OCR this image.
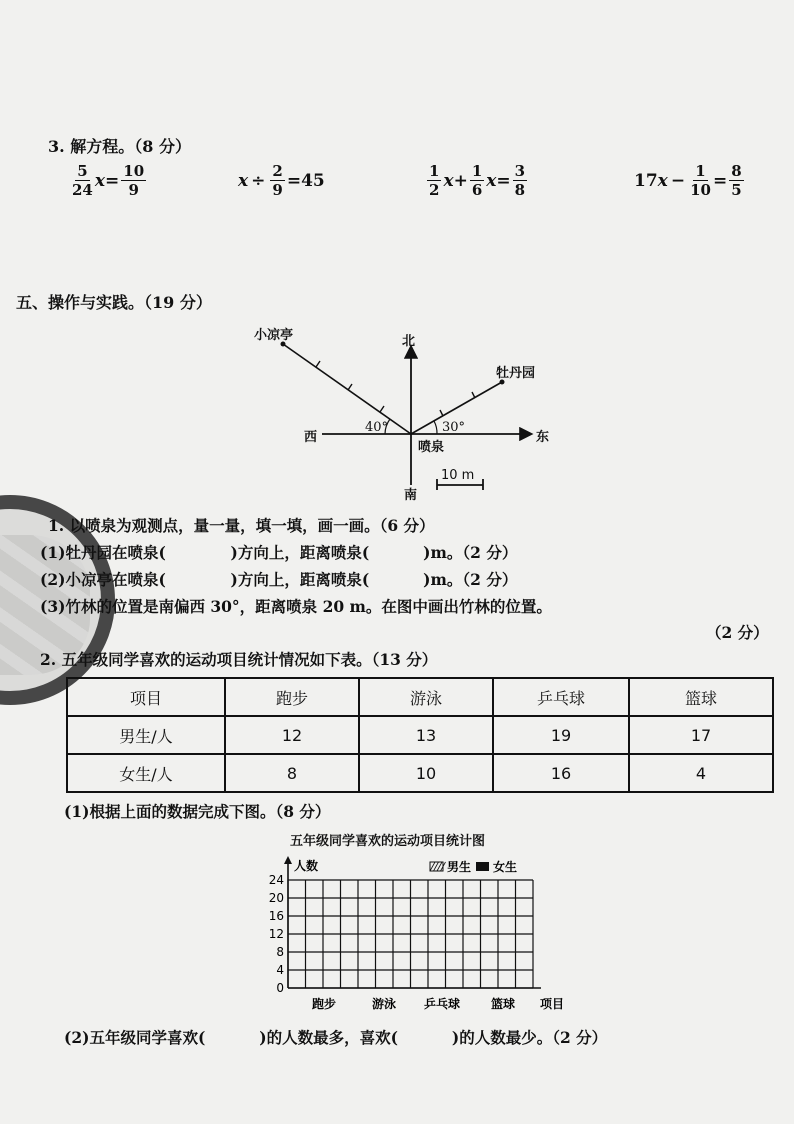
3. 解方程。（8 分）
$\frac{5}{24}$ $x = \frac{10}{9}$	$x \div \frac{2}{9} =45$	$\frac{1}{2}$ $x + \frac{1}{6}$ $x = \frac{3}{8}$	17 $x - \frac{1}{10} = \frac{8}{5}$
五、操作与实践。（19 分）
北
南
东
西
小凉亭
牡丹园
喷泉
40°	30°
10 m
1. 以喷泉为观测点，量一量，填一填，画一画。（6 分）
(1)牡丹园在喷泉(            )方向上，距离喷泉(          )m。（2 分）
(2)小凉亭在喷泉(            )方向上，距离喷泉(          )m。（2 分）
(3)竹林的位置是南偏西 30°，距离喷泉 20 m。在图中画出竹林的位置。
（2 分）
2. 五年级同学喜欢的运动项目统计情况如下表。（13 分）
项目	跑步	游泳	乒乓球	篮球
男生/人	12	13	19	17
女生/人	8	10	16	4
(1)根据上面的数据完成下图。（8 分）
五年级同学喜欢的运动项目统计图
24
20
16
12
8
4
0
人数	男生 女生
跑步	游泳 乒乓球	篮球 项目
(2)五年级同学喜欢(          )的人数最多，喜欢(          )的人数最少。（2 分）
